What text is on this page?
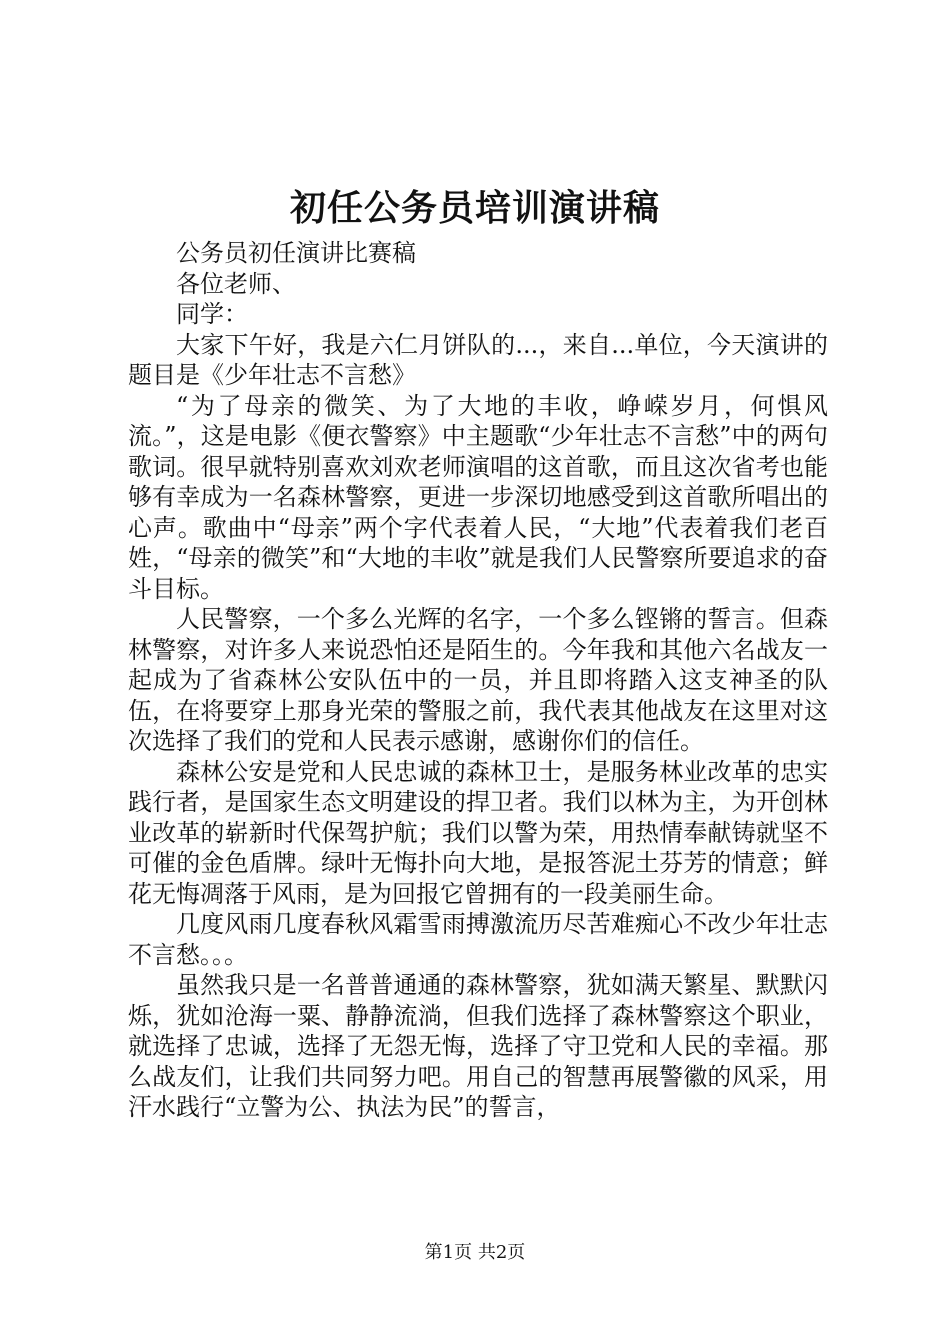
初任公务员培训演讲稿

公务员初任演讲比赛稿

各位老师、

同学：

大家下午好，我是六仁月饼队的...，来自...单位，今天演讲的题目是《少年壮志不言愁》

“为了母亲的微笑、为了大地的丰收，峥嵘岁月，何惧风流。”，这是电影《便衣警察》中主题歌“少年壮志不言愁”中的两句歌词。很早就特别喜欢刘欢老师演唱的这首歌，而且这次省考也能够有幸成为一名森林警察，更进一步深切地感受到这首歌所唱出的心声。歌曲中“母亲”两个字代表着人民，“大地”代表着我们老百姓，“母亲的微笑”和“大地的丰收”就是我们人民警察所要追求的奋斗目标。

人民警察，一个多么光辉的名字，一个多么铿锵的誓言。但森林警察，对许多人来说恐怕还是陌生的。今年我和其他六名战友一起成为了省森林公安队伍中的一员，并且即将踏入这支神圣的队伍，在将要穿上那身光荣的警服之前，我代表其他战友在这里对这次选择了我们的党和人民表示感谢，感谢你们的信任。

森林公安是党和人民忠诚的森林卫士，是服务林业改革的忠实践行者，是国家生态文明建设的捍卫者。我们以林为主，为开创林业改革的崭新时代保驾护航；我们以警为荣，用热情奉献铸就坚不可催的金色盾牌。绿叶无悔扑向大地，是报答泥土芬芳的情意；鲜花无悔凋落于风雨，是为回报它曾拥有的一段美丽生命。

几度风雨几度春秋风霜雪雨搏激流历尽苦难痴心不改少年壮志不言愁。。。

虽然我只是一名普普通通的森林警察，犹如满天繁星、默默闪烁，犹如沧海一粟、静静流淌，但我们选择了森林警察这个职业，就选择了忠诚，选择了无怨无悔，选择了守卫党和人民的幸福。那么战友们，让我们共同努力吧。用自己的智慧再展警徽的风采，用汗水践行“立警为公、执法为民”的誓言，

第1页 共2页
